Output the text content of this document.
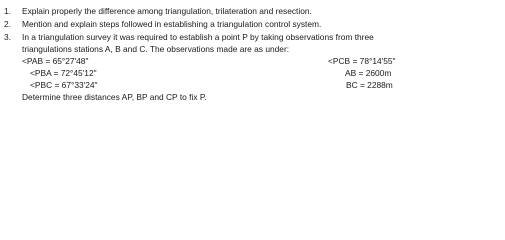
1. Explain properly the difference among triangulation, trilateration and resection.
2. Mention and explain steps followed in establishing a triangulation control system.
3. In a triangulation survey it was required to establish a point P by taking observations from three
triangulations stations A, B and C. The observations made are as under:
<PAB = 65°27'48"	<PCB = 78°14'55"
<PBA = 72°45'12"	AB = 2600m
<PBC = 67°33'24"	BC = 2288m
Determine three distances AP, BP and CP to fix P.
